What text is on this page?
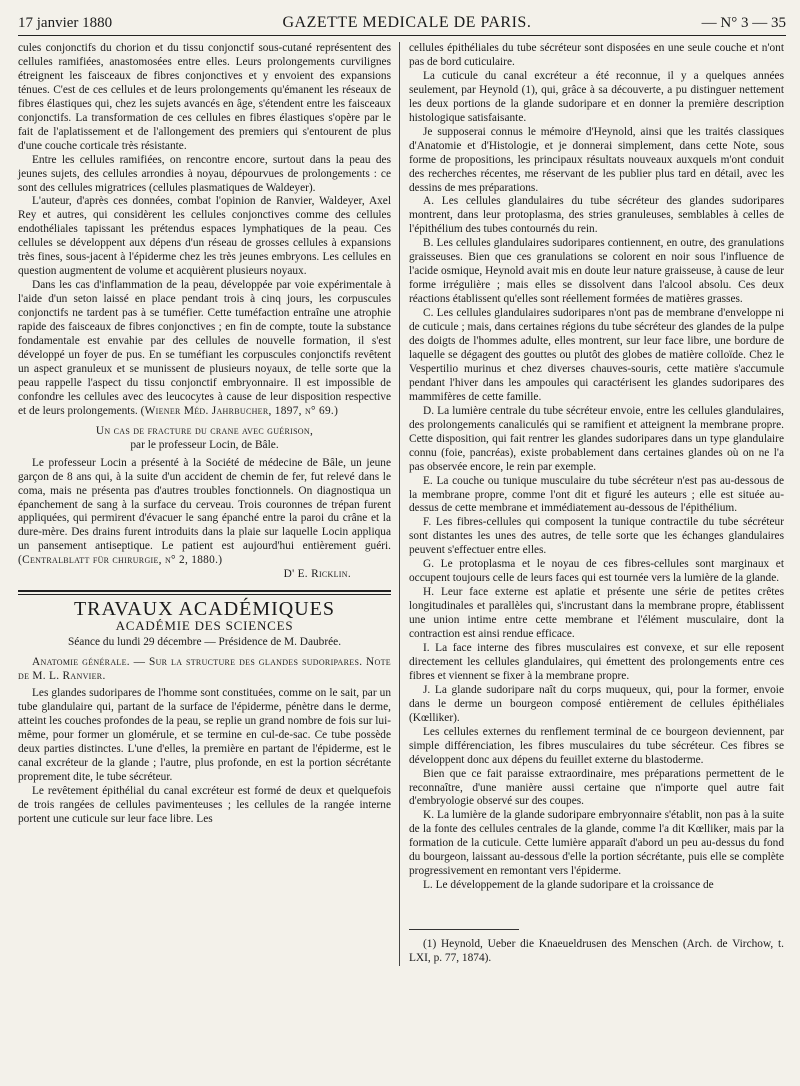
17 janvier 1880	GAZETTE MEDICALE DE PARIS.	— N° 3 — 35

cules conjonctifs du chorion et du tissu conjonctif sous-cutané représentent des cellules ramifiées, anastomosées entre elles. Leurs prolongements curvilignes étreignent les faisceaux de fibres conjonctives et y envoient des expansions ténues. C'est de ces cellules et de leurs prolongements qu'émanent les réseaux de fibres élastiques qui, chez les sujets avancés en âge, s'étendent entre les faisceaux conjonctifs. La transformation de ces cellules en fibres élastiques s'opère par le fait de l'aplatissement et de l'allongement des premiers qui s'entourent de plus d'une couche corticale très résistante.

Entre les cellules ramifiées, on rencontre encore, surtout dans la peau des jeunes sujets, des cellules arrondies à noyau, dépourvues de prolongements : ce sont des cellules migratrices (cellules plasmatiques de Waldeyer).

L'auteur, d'après ces données, combat l'opinion de Ranvier, Waldeyer, Axel Rey et autres, qui considèrent les cellules conjonctives comme des cellules endothéliales tapissant les prétendus espaces lymphatiques de la peau. Ces cellules se développent aux dépens d'un réseau de grosses cellules à expansions très fines, sous-jacent à l'épiderme chez les très jeunes embryons. Les cellules en question augmentent de volume et acquièrent plusieurs noyaux.

Dans les cas d'inflammation de la peau, développée par voie expérimentale à l'aide d'un seton laissé en place pendant trois à cinq jours, les corpuscules conjonctifs ne tardent pas à se tuméfier. Cette tuméfaction entraîne une atrophie rapide des faisceaux de fibres conjonctives ; en fin de compte, toute la substance fondamentale est envahie par des cellules de nouvelle formation, il s'est développé un foyer de pus. En se tuméfiant les corpuscules conjonctifs revêtent un aspect granuleux et se munissent de plusieurs noyaux, de telle sorte que la peau rappelle l'aspect du tissu conjonctif embryonnaire. Il est impossible de confondre les cellules avec des leucocytes à cause de leur disposition respective et de leurs prolongements. (Wiener Méd. Jahrbucher, 1897, n° 69.)

Un cas de fracture du crane avec guérison,

par le professeur Locin, de Bâle.

Le professeur Locin a présenté à la Société de médecine de Bâle, un jeune garçon de 8 ans qui, à la suite d'un accident de chemin de fer, fut relevé dans le coma, mais ne présenta pas d'autres troubles fonctionnels. On diagnostiqua un épanchement de sang à la surface du cerveau. Trois couronnes de trépan furent appliquées, qui permirent d'évacuer le sang épanché entre la paroi du crâne et la dure-mère. Des drains furent introduits dans la plaie sur laquelle Locin appliqua un pansement antiseptique. Le patient est aujourd'hui entièrement guéri. (Centralblatt für chirurgie, n° 2, 1880.)

D' E. Ricklin.

TRAVAUX ACADÉMIQUES

ACADÉMIE DES SCIENCES

Séance du lundi 29 décembre — Présidence de M. Daubrée.

Anatomie générale. — Sur la structure des glandes sudoripares. Note de M. L. Ranvier.

Les glandes sudoripares de l'homme sont constituées, comme on le sait, par un tube glandulaire qui, partant de la surface de l'épiderme, pénètre dans le derme, atteint les couches profondes de la peau, se replie un grand nombre de fois sur lui-même, pour former un glomérule, et se termine en cul-de-sac. Ce tube possède deux parties distinctes. L'une d'elles, la première en partant de l'épiderme, est le canal excréteur de la glande ; l'autre, plus profonde, en est la portion sécrétante proprement dite, le tube sécréteur.

Le revêtement épithélial du canal excréteur est formé de deux et quelquefois de trois rangées de cellules pavimenteuses ; les cellules de la rangée interne portent une cuticule sur leur face libre. Les

cellules épithéliales du tube sécréteur sont disposées en une seule couche et n'ont pas de bord cuticulaire.

La cuticule du canal excréteur a été reconnue, il y a quelques années seulement, par Heynold (1), qui, grâce à sa découverte, a pu distinguer nettement les deux portions de la glande sudoripare et en donner la première description histologique satisfaisante.

Je supposerai connus le mémoire d'Heynold, ainsi que les traités classiques d'Anatomie et d'Histologie, et je donnerai simplement, dans cette Note, sous forme de propositions, les principaux résultats nouveaux auxquels m'ont conduit des recherches récentes, me réservant de les publier plus tard en détail, avec les dessins de mes préparations.

A. Les cellules glandulaires du tube sécréteur des glandes sudoripares montrent, dans leur protoplasma, des stries granuleuses, semblables à celles de l'épithélium des tubes contournés du rein.

B. Les cellules glandulaires sudoripares contiennent, en outre, des granulations graisseuses. Bien que ces granulations se colorent en noir sous l'influence de l'acide osmique, Heynold avait mis en doute leur nature graisseuse, à cause de leur forme irrégulière ; mais elles se dissolvent dans l'alcool absolu. Ces deux réactions établissent qu'elles sont réellement formées de matières grasses.

C. Les cellules glandulaires sudoripares n'ont pas de membrane d'enveloppe ni de cuticule ; mais, dans certaines régions du tube sécréteur des glandes de la pulpe des doigts de l'hommes adulte, elles montrent, sur leur face libre, une bordure de laquelle se dégagent des gouttes ou plutôt des globes de matière colloïde. Chez le Vespertilio murinus et chez diverses chauves-souris, cette matière s'accumule pendant l'hiver dans les ampoules qui caractérisent les glandes sudoripares des mammifères de cette famille.

D. La lumière centrale du tube sécréteur envoie, entre les cellules glandulaires, des prolongements canaliculés qui se ramifient et atteignent la membrane propre. Cette disposition, qui fait rentrer les glandes sudoripares dans un type glandulaire connu (foie, pancréas), existe probablement dans certaines glandes où on ne l'a pas observée encore, le rein par exemple.

E. La couche ou tunique musculaire du tube sécréteur n'est pas au-dessous de la membrane propre, comme l'ont dit et figuré les auteurs ; elle est située au-dessus de cette membrane et immédiatement au-dessous de l'épithélium.

F. Les fibres-cellules qui composent la tunique contractile du tube sécréteur sont distantes les unes des autres, de telle sorte que les échanges glandulaires peuvent s'effectuer entre elles.

G. Le protoplasma et le noyau de ces fibres-cellules sont marginaux et occupent toujours celle de leurs faces qui est tournée vers la lumière de la glande.

H. Leur face externe est aplatie et présente une série de petites crêtes longitudinales et parallèles qui, s'incrustant dans la membrane propre, établissent une union intime entre cette membrane et l'élément musculaire, dont la contraction est ainsi rendue efficace.

I. La face interne des fibres musculaires est convexe, et sur elle reposent directement les cellules glandulaires, qui émettent des prolongements entre ces fibres et viennent se fixer à la membrane propre.

J. La glande sudoripare naît du corps muqueux, qui, pour la former, envoie dans le derme un bourgeon composé entièrement de cellules épithéliales (Kœlliker).

Les cellules externes du renflement terminal de ce bourgeon deviennent, par simple différenciation, les fibres musculaires du tube sécréteur. Ces fibres se développent donc aux dépens du feuillet externe du blastoderme.

Bien que ce fait paraisse extraordinaire, mes préparations permettent de le reconnaître, d'une manière aussi certaine que n'importe quel autre fait d'embryologie observé sur des coupes.

K. La lumière de la glande sudoripare embryonnaire s'établit, non pas à la suite de la fonte des cellules centrales de la glande, comme l'a dit Kœlliker, mais par la formation de la cuticule. Cette lumière apparaît d'abord un peu au-dessus du fond du bourgeon, laissant au-dessous d'elle la portion sécrétante, puis elle se complète progressivement en remontant vers l'épiderme.

L. Le développement de la glande sudoripare et la croissance de

(1) Heynold, Ueber die Knaeueldrusen des Menschen (Arch. de Virchow, t. LXI, p. 77, 1874).
